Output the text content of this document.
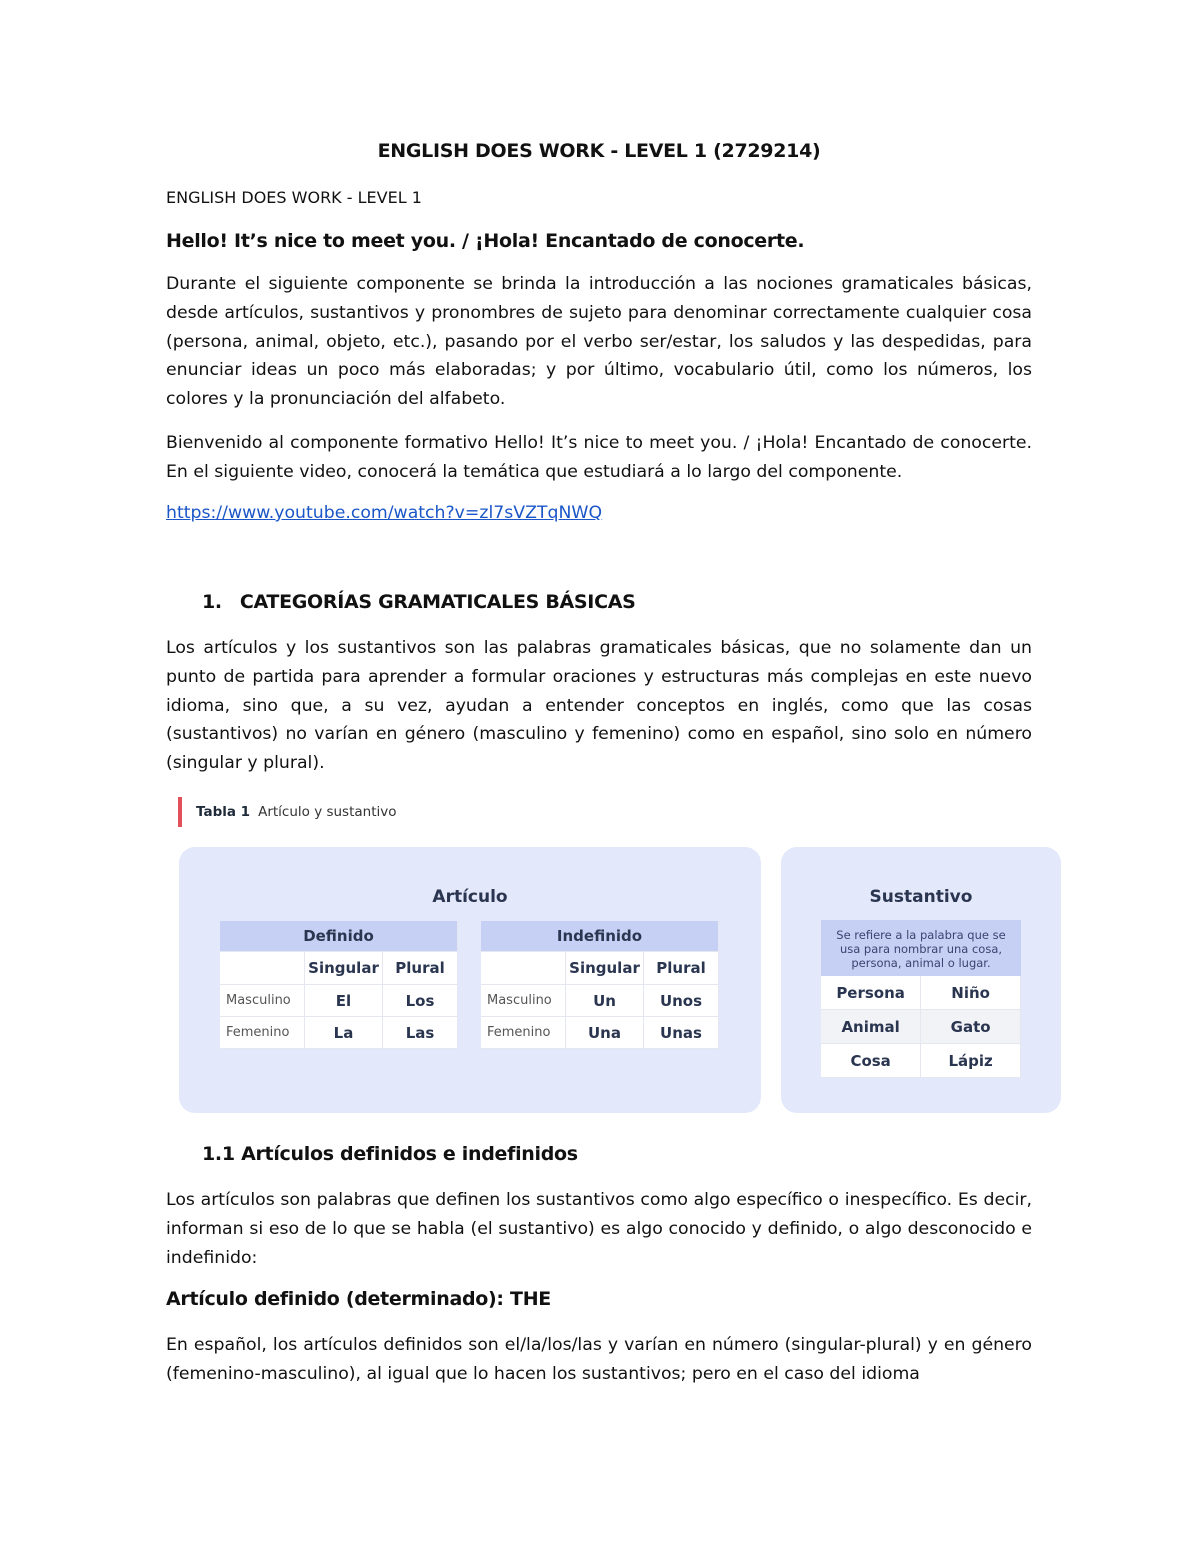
ENGLISH DOES WORK - LEVEL 1 (2729214)
ENGLISH DOES WORK - LEVEL 1
Hello! It’s nice to meet you. / ¡Hola! Encantado de conocerte.
Durante el siguiente componente se brinda la introducción a las nociones gramaticales básicas, desde artículos, sustantivos y pronombres de sujeto para denominar correctamente cualquier cosa (persona, animal, objeto, etc.), pasando por el verbo ser/estar, los saludos y las despedidas, para enunciar ideas un poco más elaboradas; y por último, vocabulario útil, como los números, los colores y la pronunciación del alfabeto.
Bienvenido al componente formativo Hello! It’s nice to meet you. / ¡Hola! Encantado de conocerte. En el siguiente video, conocerá la temática que estudiará a lo largo del componente.
https://www.youtube.com/watch?v=zl7sVZTqNWQ
1. CATEGORÍAS GRAMATICALES BÁSICAS
Los artículos y los sustantivos son las palabras gramaticales básicas, que no solamente dan un punto de partida para aprender a formular oraciones y estructuras más complejas en este nuevo idioma, sino que, a su vez, ayudan a entender conceptos en inglés, como que las cosas (sustantivos) no varían en género (masculino y femenino) como en español, sino solo en número (singular y plural).
1.1 Artículos definidos e indefinidos
Los artículos son palabras que definen los sustantivos como algo específico o inespecífico. Es decir, informan si eso de lo que se habla (el sustantivo) es algo conocido y definido, o algo desconocido e indefinido:
Artículo definido (determinado): THE
En español, los artículos definidos son el/la/los/las y varían en número (singular-plural) y en género (femenino-masculino), al igual que lo hacen los sustantivos; pero en el caso del idioma
Tabla 1 Artículo y sustantivo
Artículo
Definido		
	Singular	Plural
Masculino	El	Los
Femenino	La	Las
Indefinido		
	Singular	Plural
Masculino	Un	Unos
Femenino	Una	Unas
Sustantivo
Se refiere a la palabra que se usa para nombrar una cosa, persona, animal o lugar.
Persona	Niño
Animal	Gato
Cosa	Lápiz
